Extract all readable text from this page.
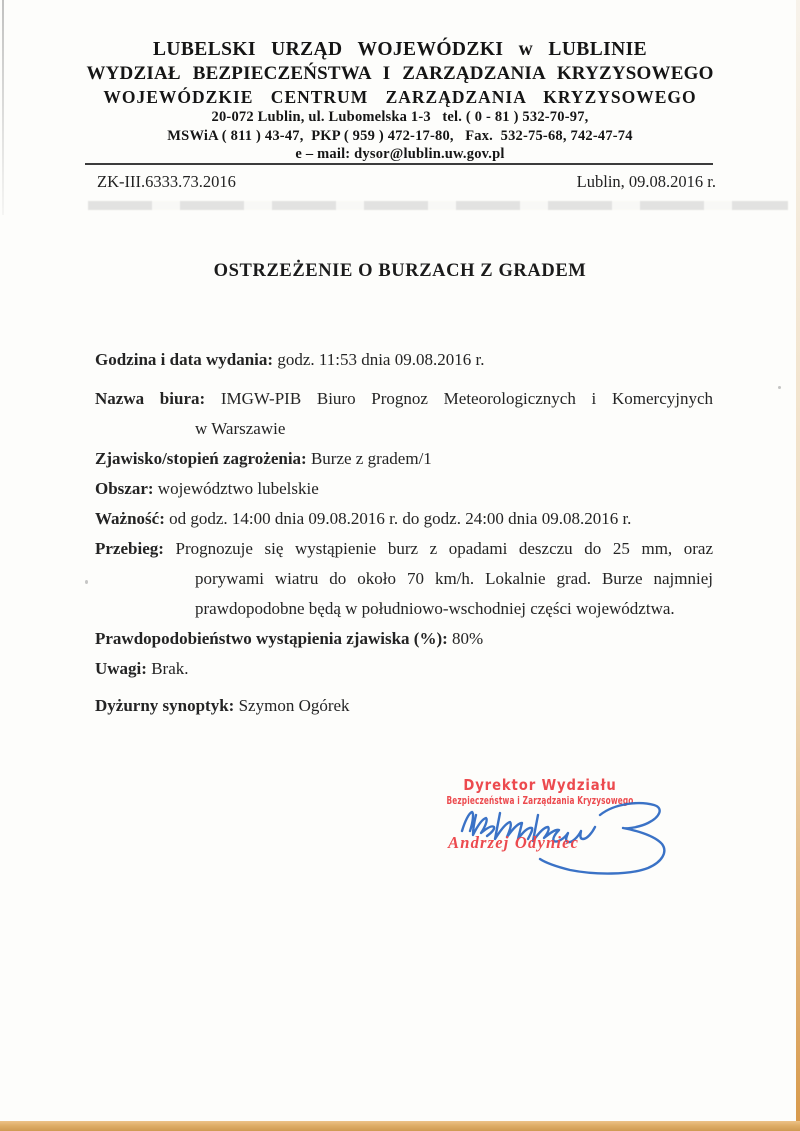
LUBELSKI URZĄD WOJEWÓDZKI w LUBLINIE
WYDZIAŁ BEZPIECZEŃSTWA I ZARZĄDZANIA KRYZYSOWEGO
WOJEWÓDZKIE CENTRUM ZARZĄDZANIA KRYZYSOWEGO
20-072 Lublin, ul. Lubomelska 1-3   tel. ( 0 - 81 ) 532-70-97,
MSWiA ( 811 ) 43-47,  PKP ( 959 ) 472-17-80,   Fax.  532-75-68, 742-47-74
e – mail: dysor@lublin.uw.gov.pl
ZK-III.6333.73.2016	Lublin, 09.08.2016 r.
OSTRZEŻENIE O BURZACH Z GRADEM
Godzina i data wydania: godz. 11:53 dnia 09.08.2016 r.
Nazwa biura: IMGW-PIB Biuro Prognoz Meteorologicznych i Komercyjnych
w Warszawie
Zjawisko/stopień zagrożenia: Burze z gradem/1
Obszar: województwo lubelskie
Ważność: od godz. 14:00 dnia 09.08.2016 r. do godz. 24:00 dnia 09.08.2016 r.
Przebieg: Prognozuje się wystąpienie burz z opadami deszczu do 25 mm, oraz
porywami wiatru do około 70 km/h. Lokalnie grad. Burze najmniej
prawdopodobne będą w południowo-wschodniej części województwa.
Prawdopodobieństwo wystąpienia zjawiska (%): 80%
Uwagi: Brak.
Dyżurny synoptyk: Szymon Ogórek
Dyrektor Wydziału
Bezpieczeństwa i Zarządzania Kryzysowego
Andrzej Odyniec
